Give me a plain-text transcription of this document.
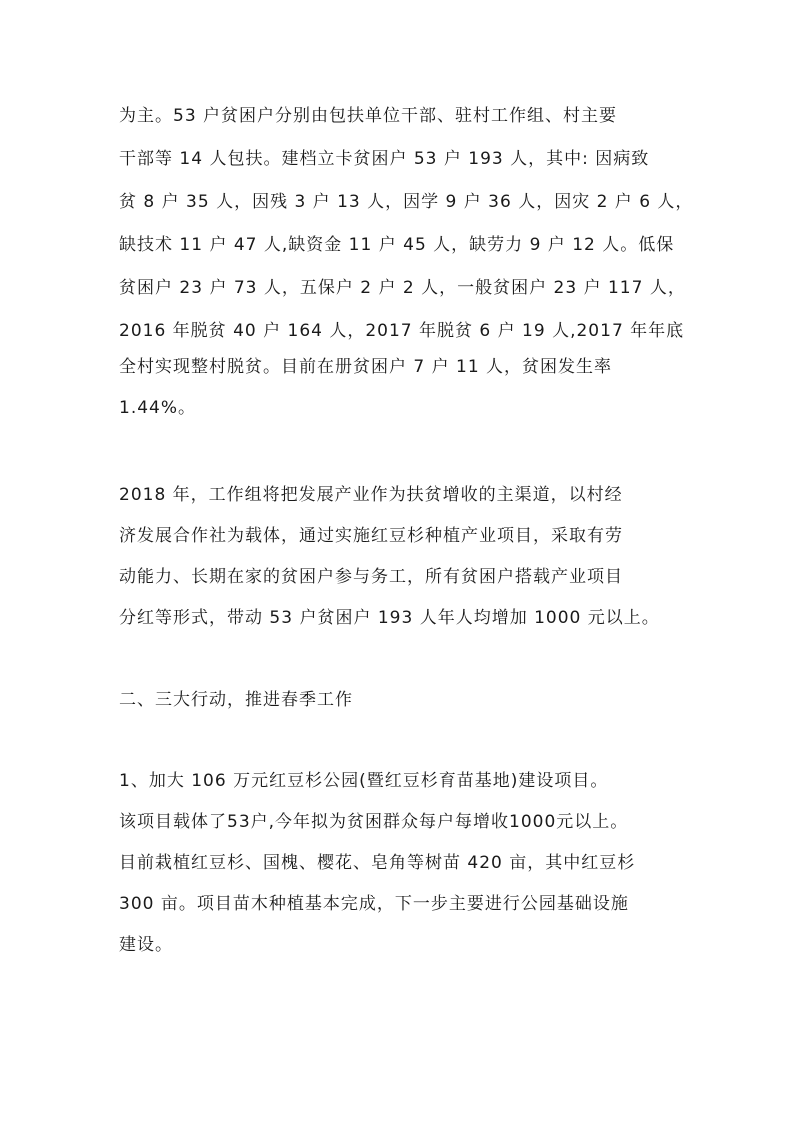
为主。53 户贫困户分别由包扶单位干部、驻村工作组、村主要
干部等 14 人包扶。建档立卡贫困户 53 户 193 人，其中: 因病致
贫 8 户 35 人，因残 3 户 13 人，因学 9 户 36 人，因灾 2 户 6 人，
缺技术 11 户 47 人,缺资金 11 户 45 人，缺劳力 9 户 12 人。低保
贫困户 23 户 73 人，五保户 2 户 2 人，一般贫困户 23 户 117 人，
2016 年脱贫 40 户 164 人，2017 年脱贫 6 户 19 人,2017 年年底
全村实现整村脱贫。目前在册贫困户 7 户 11 人，贫困发生率
1.44%。
2018 年，工作组将把发展产业作为扶贫增收的主渠道，以村经
济发展合作社为载体，通过实施红豆杉种植产业项目，采取有劳
动能力、长期在家的贫困户参与务工，所有贫困户搭载产业项目
分红等形式，带动 53 户贫困户 193 人年人均增加 1000 元以上。
二、三大行动，推进春季工作
1、加大 106 万元红豆杉公园(暨红豆杉育苗基地)建设项目。
该项目载体了53户,今年拟为贫困群众每户每增收1000元以上。
目前栽植红豆杉、国槐、樱花、皂角等树苗 420 亩，其中红豆杉
300 亩。项目苗木种植基本完成，下一步主要进行公园基础设施
建设。
